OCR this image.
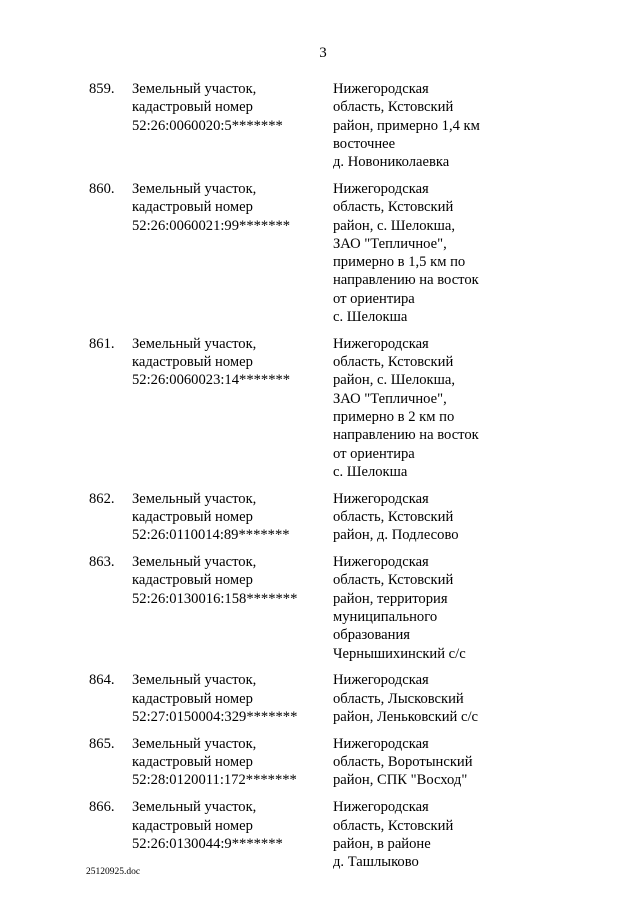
3
859. Земельный участок,
кадастровый номер
52:26:0060020:5*******
Нижегородская
область, Кстовский
район, примерно 1,4 км
восточнее
д. Новониколаевка
860. Земельный участок,
кадастровый номер
52:26:0060021:99*******
Нижегородская
область, Кстовский
район, с. Шелокша,
ЗАО "Тепличное",
примерно в 1,5 км по
направлению на восток
от ориентира
с. Шелокша
861. Земельный участок,
кадастровый номер
52:26:0060023:14*******
Нижегородская
область, Кстовский
район, с. Шелокша,
ЗАО "Тепличное",
примерно в 2 км по
направлению на восток
от ориентира
с. Шелокша
862. Земельный участок,
кадастровый номер
52:26:0110014:89*******
Нижегородская
область, Кстовский
район, д. Подлесово
863. Земельный участок,
кадастровый номер
52:26:0130016:158*******
Нижегородская
область, Кстовский
район, территория
муниципального
образования
Чернышихинский с/с
864. Земельный участок,
кадастровый номер
52:27:0150004:329*******
Нижегородская
область, Лысковский
район, Леньковский с/с
865. Земельный участок,
кадастровый номер
52:28:0120011:172*******
Нижегородская
область, Воротынский
район, СПК "Восход"
866. Земельный участок,
кадастровый номер
52:26:0130044:9*******
Нижегородская
область, Кстовский
район, в районе
д. Ташлыково
25120925.doc
